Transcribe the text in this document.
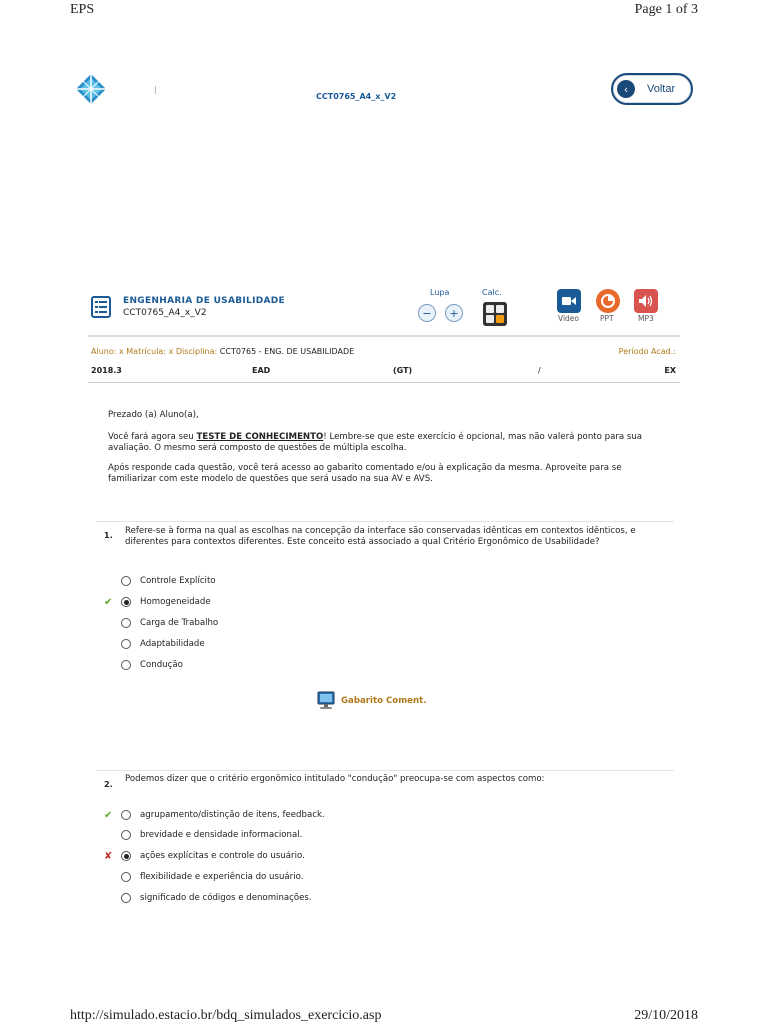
EPS	Page 1 of 3
CCT0765_A4_x_V2
‹	Voltar
ENGENHARIA DE USABILIDADE
CCT0765_A4_x_V2
Lupa
−	+
Calc.
Video	PPT	MP3
Aluno: x Matrícula: x Disciplina: CCT0765 - ENG. DE USABILIDADE	Período Acad.:
2018.3	EAD	(GT)	/	EX
Prezado (a) Aluno(a),
Você fará agora seu TESTE DE CONHECIMENTO! Lembre-se que este exercício é opcional, mas não valerá ponto para sua avaliação. O mesmo será composto de questões de múltipla escolha.
Após responde cada questão, você terá acesso ao gabarito comentado e/ou à explicação da mesma. Aproveite para se familiarizar com este modelo de questões que será usado na sua AV e AVS.
1. Refere-se à forma na qual as escolhas na concepção da interface são conservadas idênticas em contextos idênticos, e diferentes para contextos diferentes. Este conceito está associado a qual Critério Ergonômico de Usabilidade?
Controle Explícito
✔	Homogeneidade
Carga de Trabalho
Adaptabilidade
Condução
Gabarito Coment.
2.
Podemos dizer que o critério ergonômico intitulado "condução" preocupa-se com aspectos como:
✔	agrupamento/distinção de itens, feedback.
brevidade e densidade informacional.
✘	ações explícitas e controle do usuário.
flexibilidade e experiência do usuário.
significado de códigos e denominações.
http://simulado.estacio.br/bdq_simulados_exercicio.asp	29/10/2018
